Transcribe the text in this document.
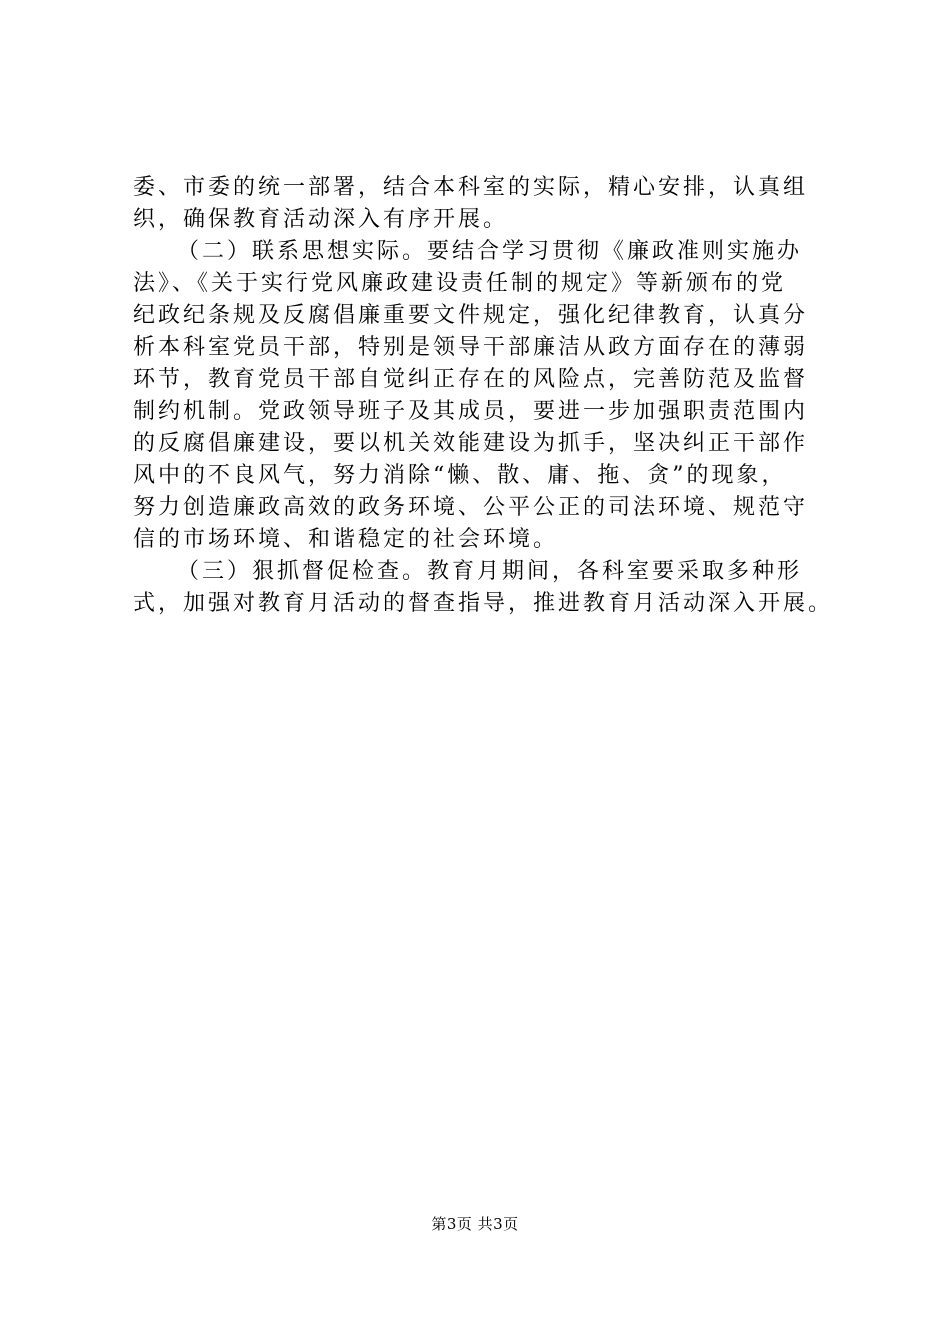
委、市委的统一部署，结合本科室的实际，精心安排，认真组
织，确保教育活动深入有序开展。
（二）联系思想实际。要结合学习贯彻《廉政准则实施办
法》、《关于实行党风廉政建设责任制的规定》等新颁布的党
纪政纪条规及反腐倡廉重要文件规定，强化纪律教育，认真分
析本科室党员干部，特别是领导干部廉洁从政方面存在的薄弱
环节，教育党员干部自觉纠正存在的风险点，完善防范及监督
制约机制。党政领导班子及其成员，要进一步加强职责范围内
的反腐倡廉建设，要以机关效能建设为抓手，坚决纠正干部作
风中的不良风气，努力消除“懒、散、庸、拖、贪”的现象，
努力创造廉政高效的政务环境、公平公正的司法环境、规范守
信的市场环境、和谐稳定的社会环境。
（三）狠抓督促检查。教育月期间，各科室要采取多种形
式，加强对教育月活动的督查指导，推进教育月活动深入开展。
第3页 共3页
